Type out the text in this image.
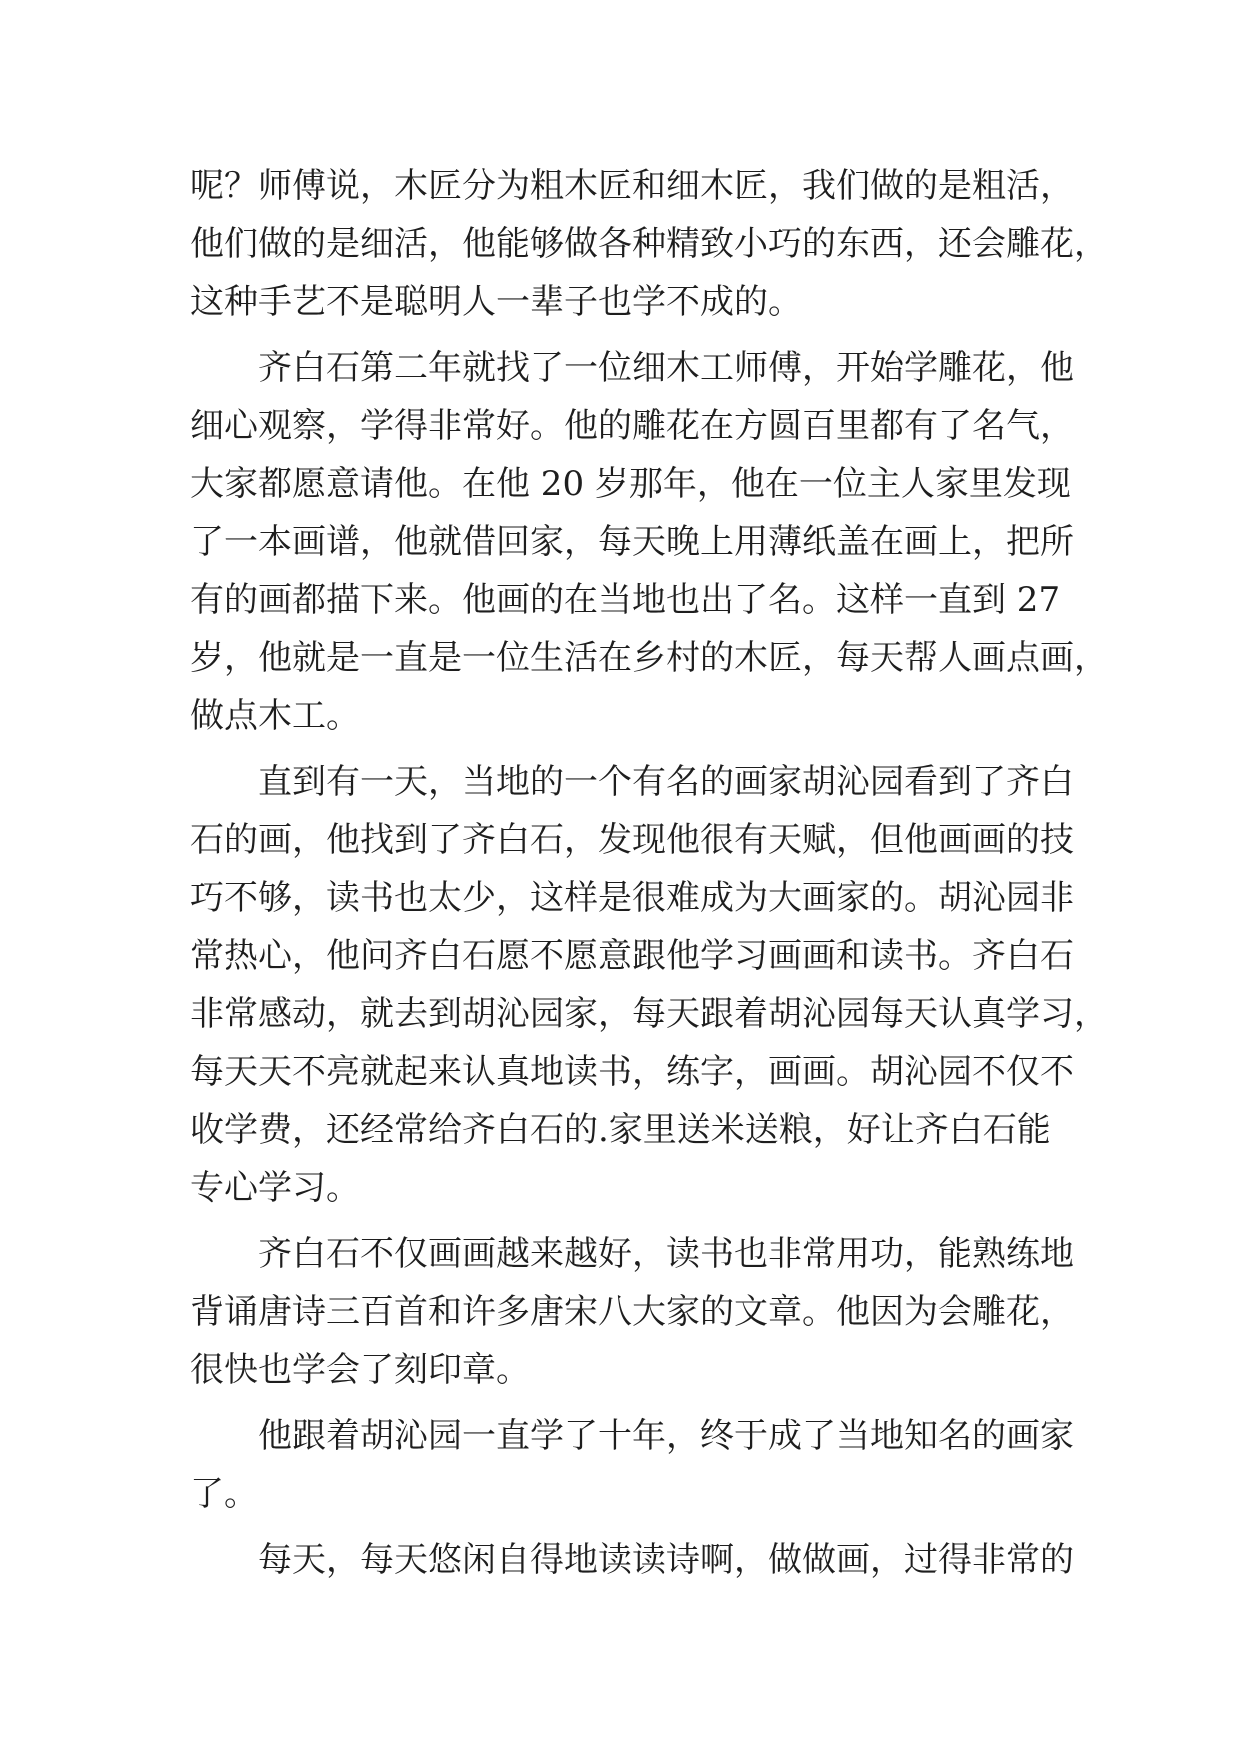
呢？师傅说，木匠分为粗木匠和细木匠，我们做的是粗活，
他们做的是细活，他能够做各种精致小巧的东西，还会雕花，
这种手艺不是聪明人一辈子也学不成的。
齐白石第二年就找了一位细木工师傅，开始学雕花，他
细心观察，学得非常好。他的雕花在方圆百里都有了名气，
大家都愿意请他。在他 20 岁那年，他在一位主人家里发现
了一本画谱，他就借回家，每天晚上用薄纸盖在画上，把所
有的画都描下来。他画的在当地也出了名。这样一直到 27
岁，他就是一直是一位生活在乡村的木匠，每天帮人画点画，
做点木工。
直到有一天，当地的一个有名的画家胡沁园看到了齐白
石的画，他找到了齐白石，发现他很有天赋，但他画画的技
巧不够，读书也太少，这样是很难成为大画家的。胡沁园非
常热心，他问齐白石愿不愿意跟他学习画画和读书。齐白石
非常感动，就去到胡沁园家，每天跟着胡沁园每天认真学习，
每天天不亮就起来认真地读书，练字，画画。胡沁园不仅不
收学费，还经常给齐白石的.家里送米送粮，好让齐白石能
专心学习。
齐白石不仅画画越来越好，读书也非常用功，能熟练地
背诵唐诗三百首和许多唐宋八大家的文章。他因为会雕花，
很快也学会了刻印章。
他跟着胡沁园一直学了十年，终于成了当地知名的画家
了。
每天，每天悠闲自得地读读诗啊，做做画，过得非常的
